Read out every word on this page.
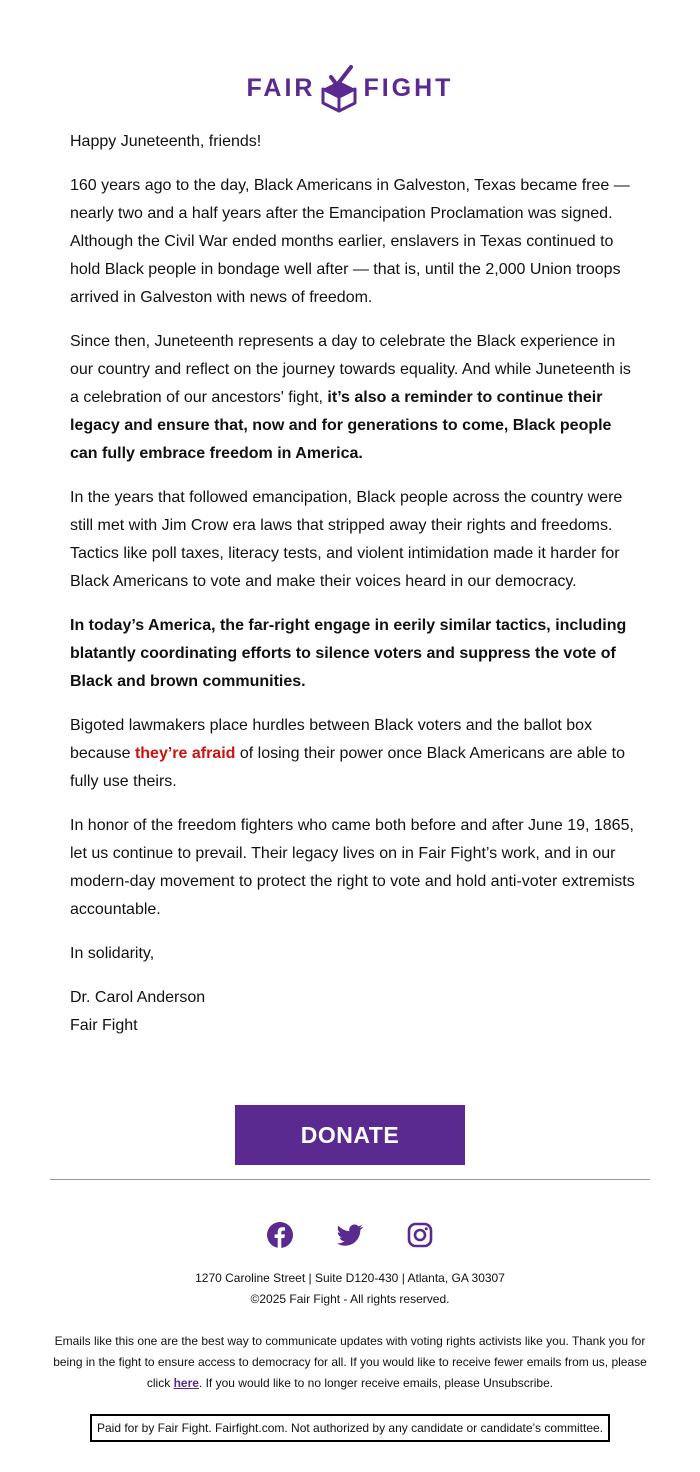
FAIR FIGHT

Happy Juneteenth, friends!

160 years ago to the day, Black Americans in Galveston, Texas became free — nearly two and a half years after the Emancipation Proclamation was signed. Although the Civil War ended months earlier, enslavers in Texas continued to hold Black people in bondage well after — that is, until the 2,000 Union troops arrived in Galveston with news of freedom.

Since then, Juneteenth represents a day to celebrate the Black experience in our country and reflect on the journey towards equality. And while Juneteenth is a celebration of our ancestors' fight, it’s also a reminder to continue their legacy and ensure that, now and for generations to come, Black people can fully embrace freedom in America.

In the years that followed emancipation, Black people across the country were still met with Jim Crow era laws that stripped away their rights and freedoms. Tactics like poll taxes, literacy tests, and violent intimidation made it harder for Black Americans to vote and make their voices heard in our democracy.

In today’s America, the far-right engage in eerily similar tactics, including blatantly coordinating efforts to silence voters and suppress the vote of Black and brown communities.

Bigoted lawmakers place hurdles between Black voters and the ballot box because they’re afraid of losing their power once Black Americans are able to fully use theirs.

In honor of the freedom fighters who came both before and after June 19, 1865, let us continue to prevail. Their legacy lives on in Fair Fight’s work, and in our modern-day movement to protect the right to vote and hold anti-voter extremists accountable.

In solidarity,

Dr. Carol Anderson
Fair Fight

DONATE
1270 Caroline Street | Suite D120-430 | Atlanta, GA 30307
©2025 Fair Fight - All rights reserved.
Emails like this one are the best way to communicate updates with voting rights activists like you. Thank you for being in the fight to ensure access to democracy for all. If you would like to receive fewer emails from us, please click here. If you would like to no longer receive emails, please Unsubscribe.
Paid for by Fair Fight. Fairfight.com. Not authorized by any candidate or candidate’s committee.
